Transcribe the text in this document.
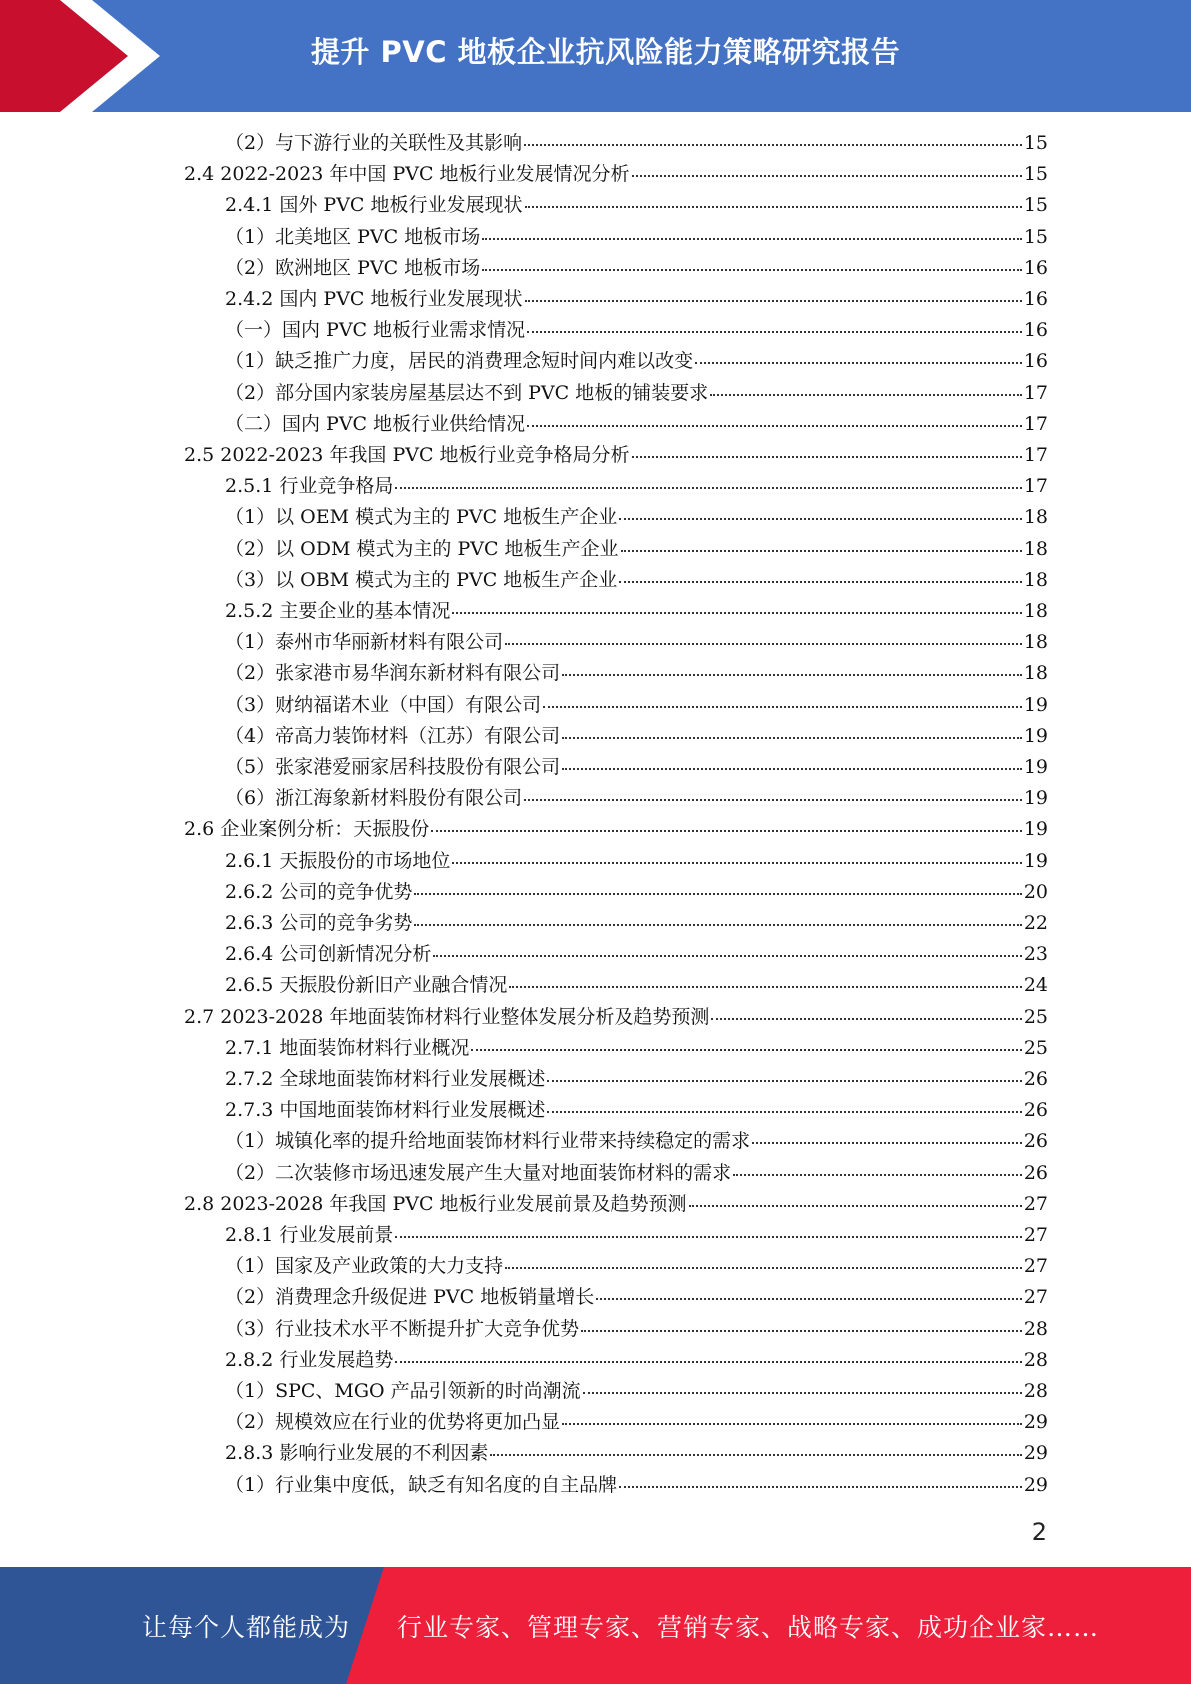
提升 PVC 地板企业抗风险能力策略研究报告
（2）与下游行业的关联性及其影响	15
2.4 2022-2023 年中国 PVC 地板行业发展情况分析	15
2.4.1 国外 PVC 地板行业发展现状	15
（1）北美地区 PVC 地板市场	15
（2）欧洲地区 PVC 地板市场	16
2.4.2 国内 PVC 地板行业发展现状	16
（一）国内 PVC 地板行业需求情况	16
（1）缺乏推广力度，居民的消费理念短时间内难以改变	16
（2）部分国内家装房屋基层达不到 PVC 地板的铺装要求	17
（二）国内 PVC 地板行业供给情况	17
2.5 2022-2023 年我国 PVC 地板行业竞争格局分析	17
2.5.1 行业竞争格局	17
（1）以 OEM 模式为主的 PVC 地板生产企业	18
（2）以 ODM 模式为主的 PVC 地板生产企业	18
（3）以 OBM 模式为主的 PVC 地板生产企业	18
2.5.2 主要企业的基本情况	18
（1）泰州市华丽新材料有限公司	18
（2）张家港市易华润东新材料有限公司	18
（3）财纳福诺木业（中国）有限公司	19
（4）帝高力装饰材料（江苏）有限公司	19
（5）张家港爱丽家居科技股份有限公司	19
（6）浙江海象新材料股份有限公司	19
2.6 企业案例分析：天振股份	19
2.6.1 天振股份的市场地位	19
2.6.2 公司的竞争优势	20
2.6.3 公司的竞争劣势	22
2.6.4 公司创新情况分析	23
2.6.5 天振股份新旧产业融合情况	24
2.7 2023-2028 年地面装饰材料行业整体发展分析及趋势预测	25
2.7.1 地面装饰材料行业概况	25
2.7.2 全球地面装饰材料行业发展概述	26
2.7.3 中国地面装饰材料行业发展概述	26
（1）城镇化率的提升给地面装饰材料行业带来持续稳定的需求	26
（2）二次装修市场迅速发展产生大量对地面装饰材料的需求	26
2.8 2023-2028 年我国 PVC 地板行业发展前景及趋势预测	27
2.8.1 行业发展前景	27
（1）国家及产业政策的大力支持	27
（2）消费理念升级促进 PVC 地板销量增长	27
（3）行业技术水平不断提升扩大竞争优势	28
2.8.2 行业发展趋势	28
（1）SPC、MGO 产品引领新的时尚潮流	28
（2）规模效应在行业的优势将更加凸显	29
2.8.3 影响行业发展的不利因素	29
（1）行业集中度低，缺乏有知名度的自主品牌	29
2
让每个人都能成为 行业专家、管理专家、营销专家、战略专家、成功企业家……
